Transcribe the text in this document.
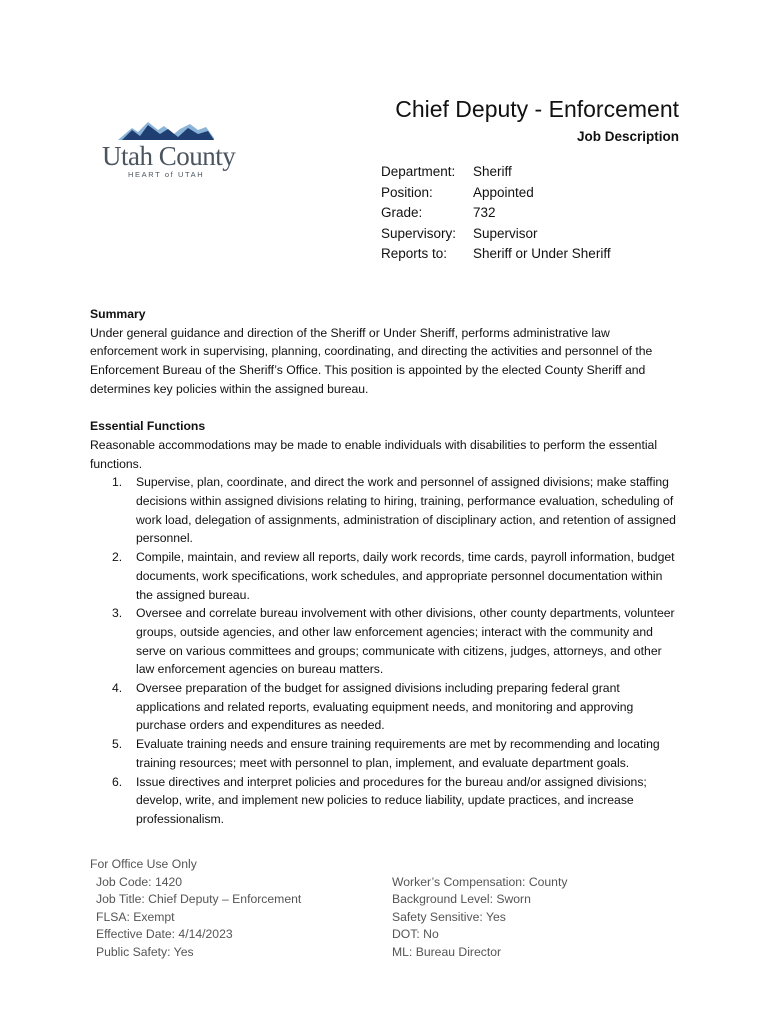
Utah County
HEART of UTAH
Chief Deputy - Enforcement
Job Description
Department: Sheriff
Position:	Appointed
Grade:	732
Supervisory: Supervisor
Reports to: Sheriff or Under Sheriff
Summary

Under general guidance and direction of the Sheriff or Under Sheriff, performs administrative law enforcement work in supervising, planning, coordinating, and directing the activities and personnel of the Enforcement Bureau of the Sheriff’s Office. This position is appointed by the elected County Sheriff and determines key policies within the assigned bureau.

Essential Functions

Reasonable accommodations may be made to enable individuals with disabilities to perform the essential functions.

1. Supervise, plan, coordinate, and direct the work and personnel of assigned divisions; make staffing decisions within assigned divisions relating to hiring, training, performance evaluation, scheduling of work load, delegation of assignments, administration of disciplinary action, and retention of assigned personnel.
2. Compile, maintain, and review all reports, daily work records, time cards, payroll information, budget documents, work specifications, work schedules, and appropriate personnel documentation within the assigned bureau.
3. Oversee and correlate bureau involvement with other divisions, other county departments, volunteer groups, outside agencies, and other law enforcement agencies; interact with the community and serve on various committees and groups; communicate with citizens, judges, attorneys, and other law enforcement agencies on bureau matters.
4. Oversee preparation of the budget for assigned divisions including preparing federal grant applications and related reports, evaluating equipment needs, and monitoring and approving purchase orders and expenditures as needed.
5. Evaluate training needs and ensure training requirements are met by recommending and locating training resources; meet with personnel to plan, implement, and evaluate department goals.
6. Issue directives and interpret policies and procedures for the bureau and/or assigned divisions; develop, write, and implement new policies to reduce liability, update practices, and increase professionalism.
For Office Use Only
Job Code: 1420
Job Title: Chief Deputy – Enforcement
FLSA: Exempt
Effective Date: 4/14/2023
Public Safety: Yes
Worker’s Compensation: County
Background Level: Sworn
Safety Sensitive: Yes
DOT: No
ML: Bureau Director
